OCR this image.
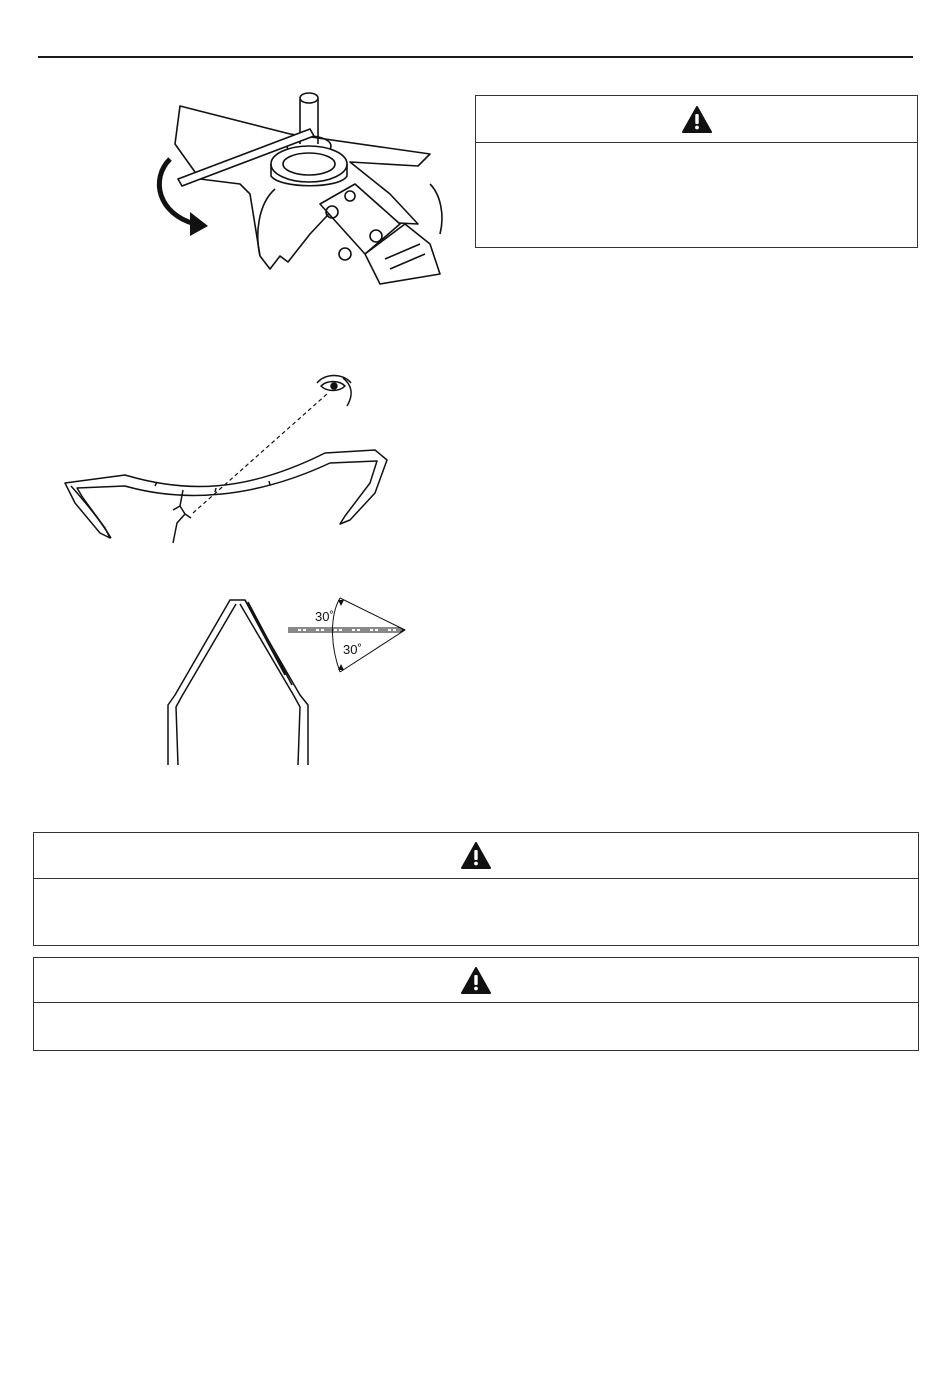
30˚
30˚
